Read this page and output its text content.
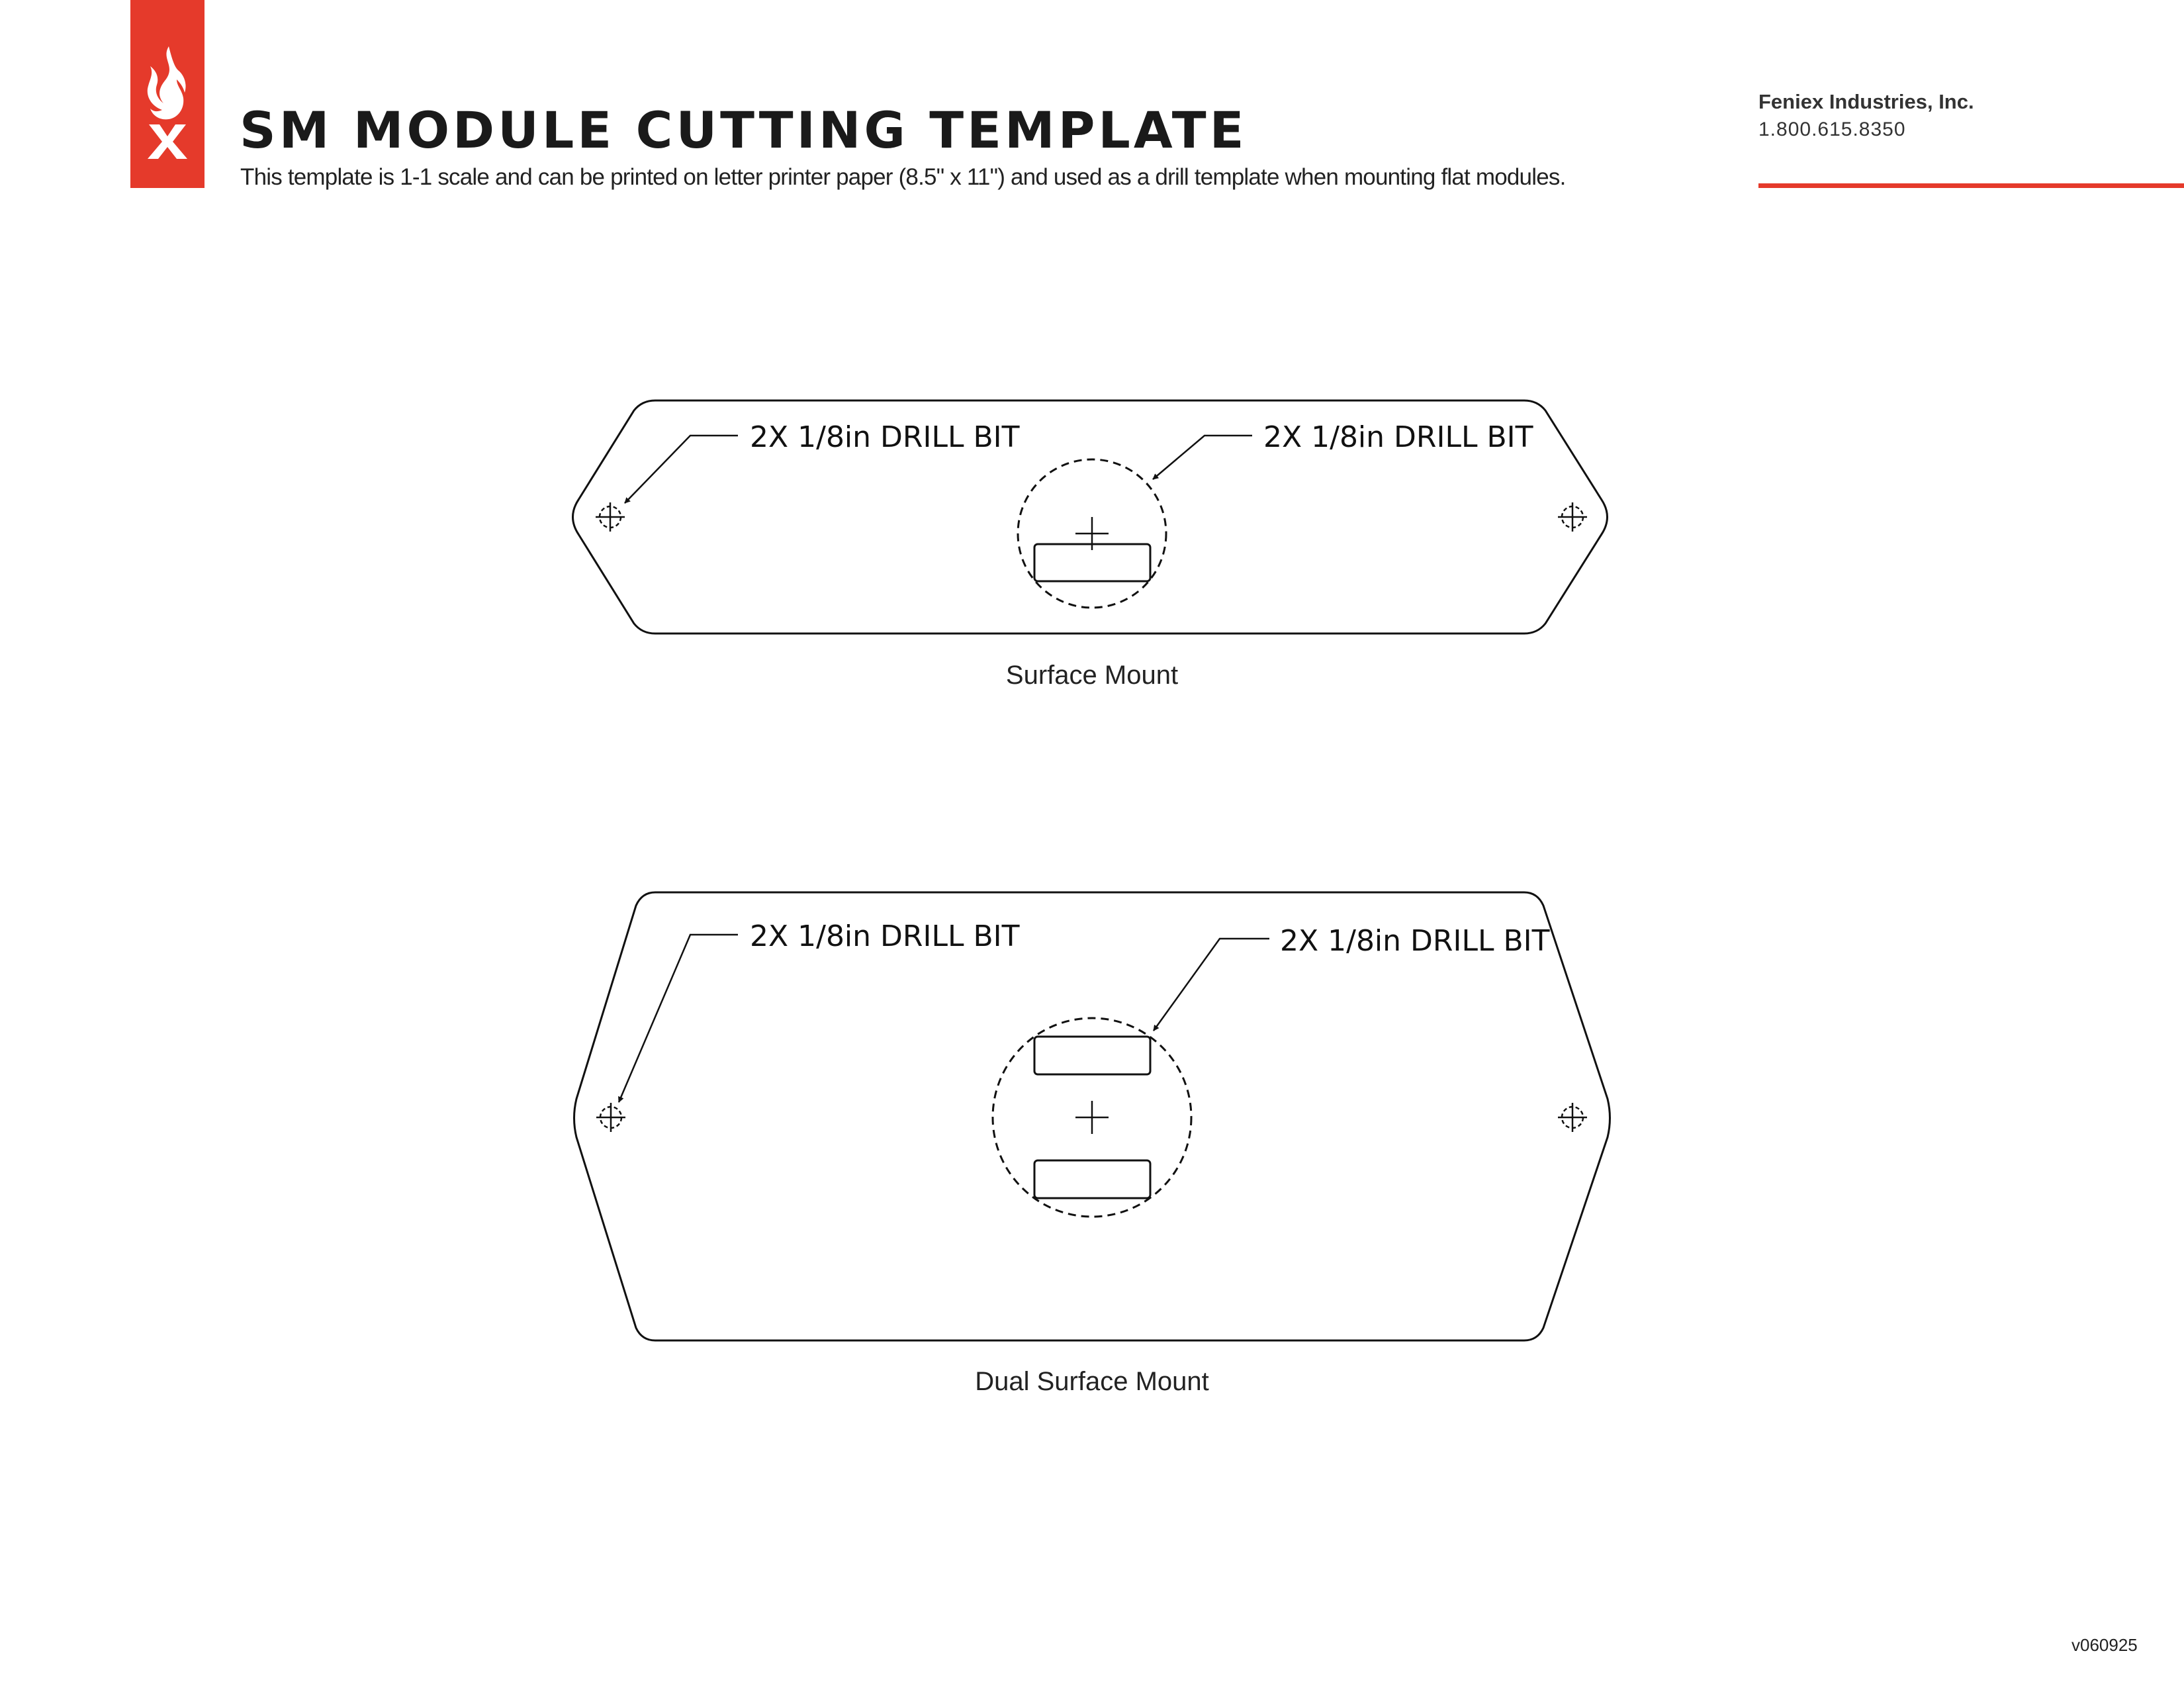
SM MODULE CUTTING TEMPLATE

This template is 1-1 scale and can be printed on letter printer paper (8.5" x 11") and used as a drill template when mounting flat modules.

Feniex Industries, Inc.
1.800.615.8350
2X 1/8in DRILL BIT	2X 1/8in DRILL BIT
Surface Mount
2X 1/8in DRILL BIT	2X 1/8in DRILL BIT
Dual Surface Mount
v060925
